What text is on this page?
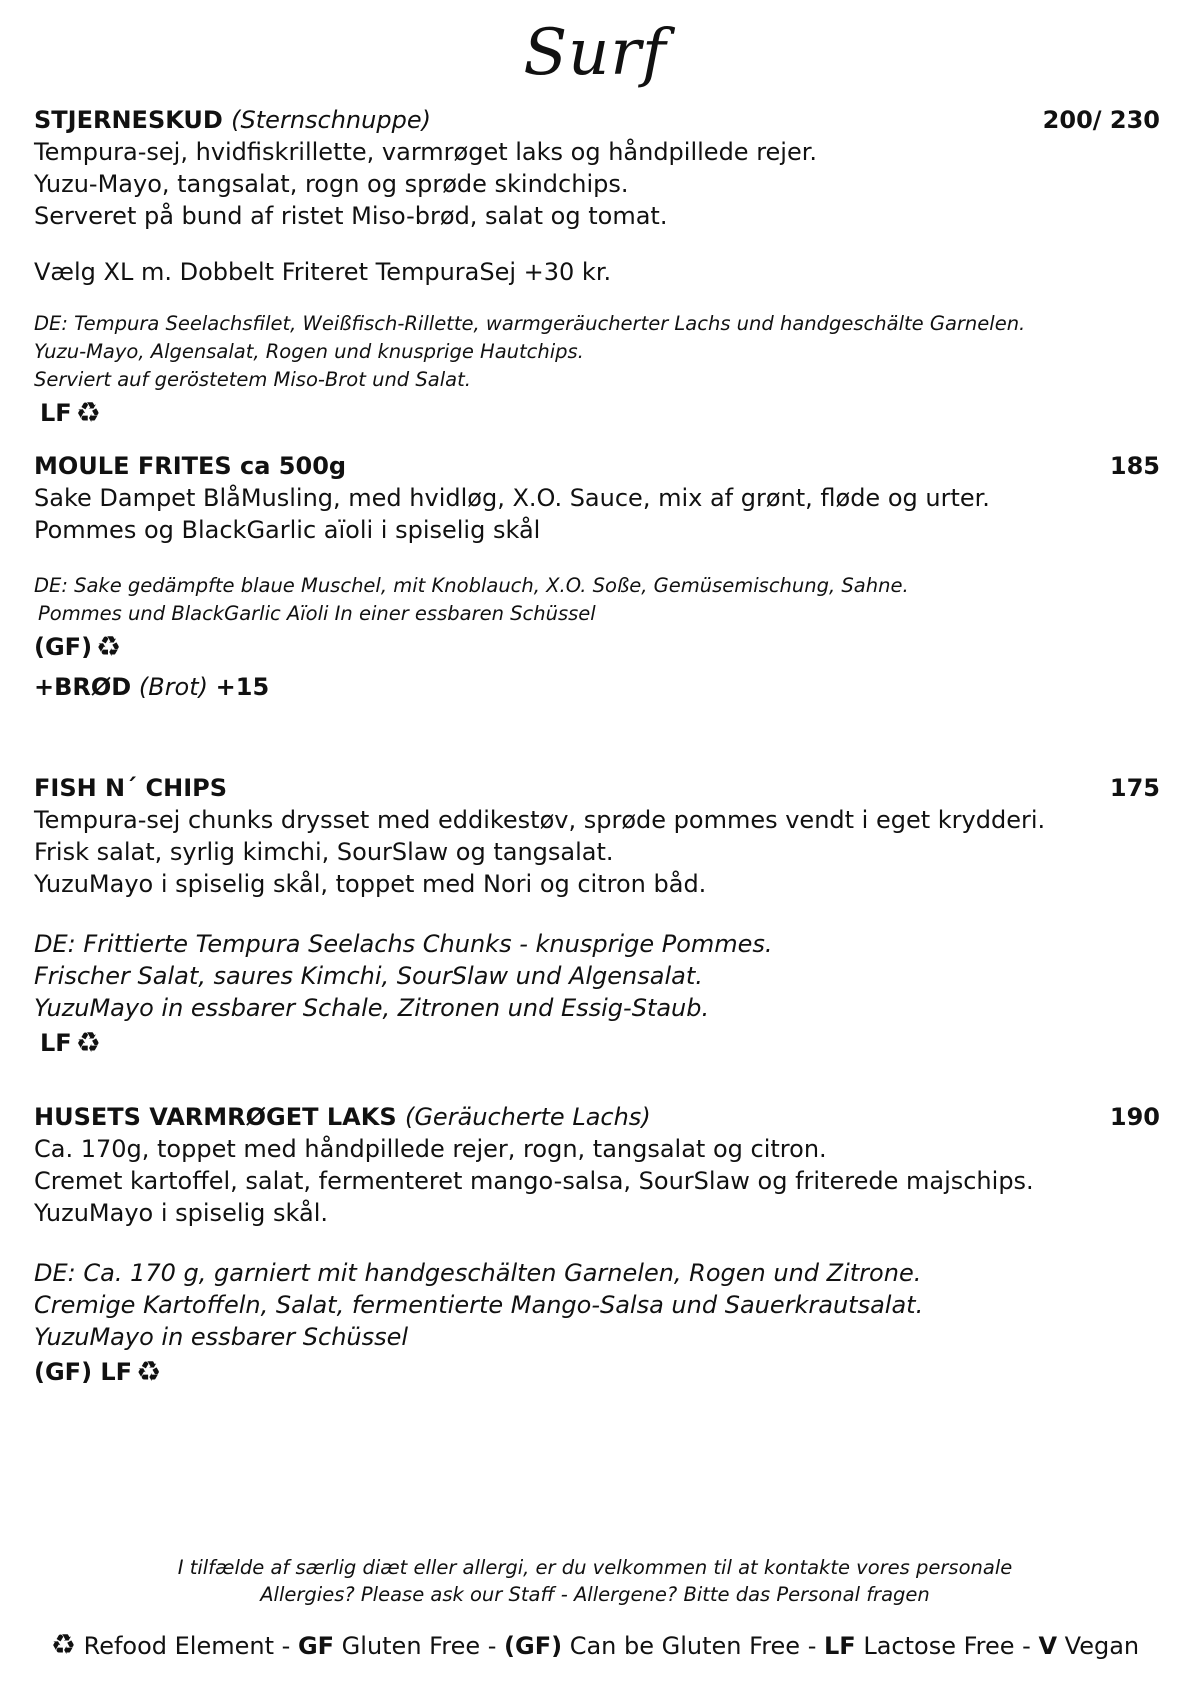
Surf
STJERNESKUD (Sternschnuppe)	200/ 230
Tempura-sej, hvidfiskrillette, varmrøget laks og håndpillede rejer.
Yuzu-Mayo, tangsalat, rogn og sprøde skindchips.
Serveret på bund af ristet Miso-brød, salat og tomat.
Vælg XL m. Dobbelt Friteret TempuraSej +30 kr.
DE: Tempura Seelachsfilet, Weißfisch-Rillette, warmgeräucherter Lachs und handgeschälte Garnelen.
Yuzu-Mayo, Algensalat, Rogen und knusprige Hautchips.
Serviert auf geröstetem Miso-Brot und Salat.
LF ♻
MOULE FRITES ca 500g	185
Sake Dampet BlåMusling, med hvidløg, X.O. Sauce, mix af grønt, fløde og urter.
Pommes og BlackGarlic aïoli i spiselig skål
DE: Sake gedämpfte blaue Muschel, mit Knoblauch, X.O. Soße, Gemüsemischung, Sahne.
Pommes und BlackGarlic Aïoli In einer essbaren Schüssel
(GF) ♻
+BRØD (Brot) +15
FISH N´ CHIPS	175
Tempura-sej chunks drysset med eddikestøv, sprøde pommes vendt i eget krydderi.
Frisk salat, syrlig kimchi, SourSlaw og tangsalat.
YuzuMayo i spiselig skål, toppet med Nori og citron båd.
DE: Frittierte Tempura Seelachs Chunks - knusprige Pommes.
Frischer Salat, saures Kimchi, SourSlaw und Algensalat.
YuzuMayo in essbarer Schale, Zitronen und Essig-Staub.
LF ♻
HUSETS VARMRØGET LAKS (Geräucherte Lachs)	190
Ca. 170g, toppet med håndpillede rejer, rogn, tangsalat og citron.
Cremet kartoffel, salat, fermenteret mango-salsa, SourSlaw og friterede majschips.
YuzuMayo i spiselig skål.
DE: Ca. 170 g, garniert mit handgeschälten Garnelen, Rogen und Zitrone.
Cremige Kartoffeln, Salat, fermentierte Mango-Salsa und Sauerkrautsalat.
YuzuMayo in essbarer Schüssel
(GF) LF ♻
I tilfælde af særlig diæt eller allergi, er du velkommen til at kontakte vores personale
Allergies? Please ask our Staff - Allergene? Bitte das Personal fragen
♻ Refood Element - GF Gluten Free - (GF) Can be Gluten Free - LF Lactose Free - V Vegan
